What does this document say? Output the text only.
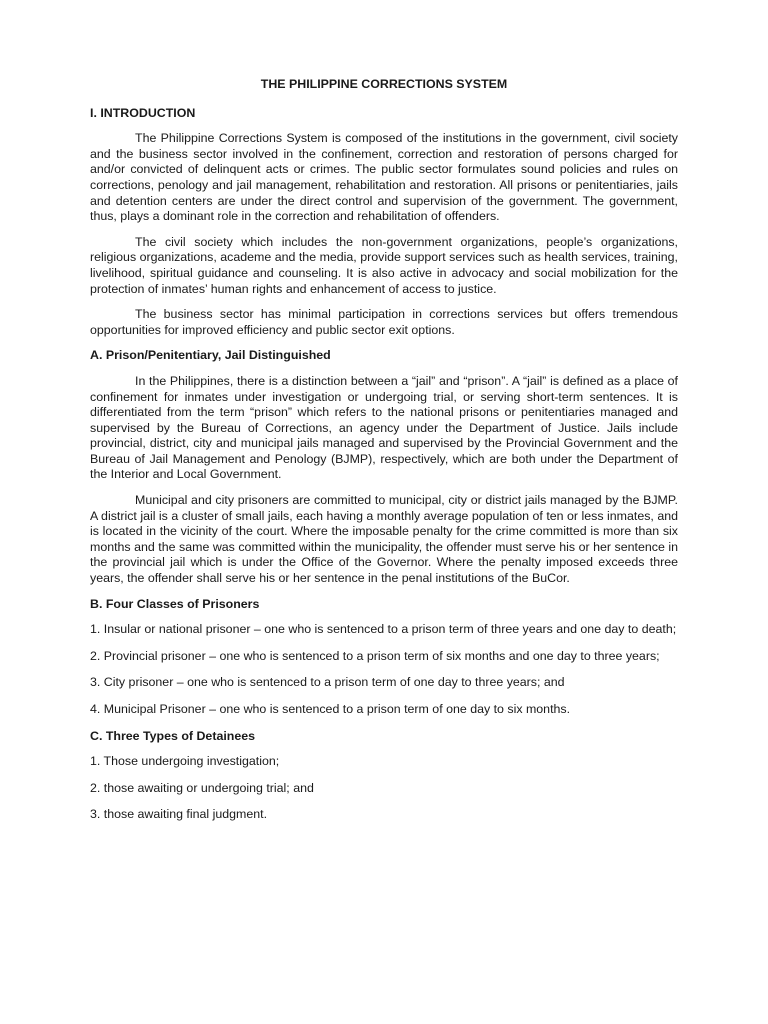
THE PHILIPPINE CORRECTIONS SYSTEM
I. INTRODUCTION

The Philippine Corrections System is composed of the institutions in the government, civil society and the business sector involved in the confinement, correction and restoration of persons charged for and/or convicted of delinquent acts or crimes. The public sector formulates sound policies and rules on corrections, penology and jail management, rehabilitation and restoration. All prisons or penitentiaries, jails and detention centers are under the direct control and supervision of the government. The government, thus, plays a dominant role in the correction and rehabilitation of offenders.

The civil society which includes the non-government organizations, people’s organizations, religious organizations, academe and the media, provide support services such as health services, training, livelihood, spiritual guidance and counseling. It is also active in advocacy and social mobilization for the protection of inmates’ human rights and enhancement of access to justice.

The business sector has minimal participation in corrections services but offers tremendous opportunities for improved efficiency and public sector exit options.

A. Prison/Penitentiary, Jail Distinguished

In the Philippines, there is a distinction between a “jail” and “prison”. A “jail” is defined as a place of confinement for inmates under investigation or undergoing trial, or serving short-term sentences. It is differentiated from the term “prison” which refers to the national prisons or penitentiaries managed and supervised by the Bureau of Corrections, an agency under the Department of Justice. Jails include provincial, district, city and municipal jails managed and supervised by the Provincial Government and the Bureau of Jail Management and Penology (BJMP), respectively, which are both under the Department of the Interior and Local Government.

Municipal and city prisoners are committed to municipal, city or district jails managed by the BJMP. A district jail is a cluster of small jails, each having a monthly average population of ten or less inmates, and is located in the vicinity of the court. Where the imposable penalty for the crime committed is more than six months and the same was committed within the municipality, the offender must serve his or her sentence in the provincial jail which is under the Office of the Governor. Where the penalty imposed exceeds three years, the offender shall serve his or her sentence in the penal institutions of the BuCor.

B. Four Classes of Prisoners

1. Insular or national prisoner – one who is sentenced to a prison term of three years and one day to death;

2. Provincial prisoner – one who is sentenced to a prison term of six months and one day to three years;

3. City prisoner – one who is sentenced to a prison term of one day to three years; and

4. Municipal Prisoner – one who is sentenced to a prison term of one day to six months.

C. Three Types of Detainees

1. Those undergoing investigation;

2. those awaiting or undergoing trial; and

3. those awaiting final judgment.
